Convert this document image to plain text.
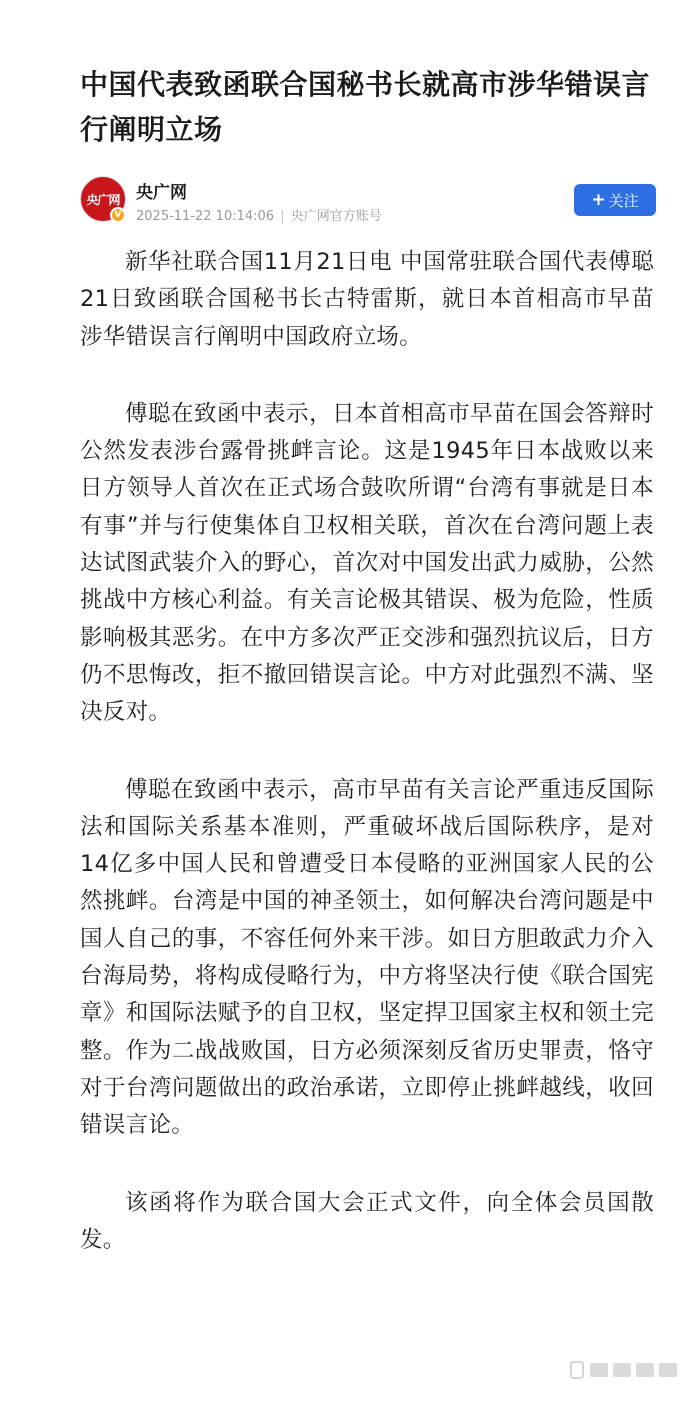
中国代表致函联合国秘书长就高市涉华错误言行阐明立场
央广网
V
央广网
2025-11-22 10:14:06 | 央广网官方账号
+ 关注

新华社联合国11月21日电 中国常驻联合国代表傅聪21日致函联合国秘书长古特雷斯，就日本首相高市早苗涉华错误言行阐明中国政府立场。

傅聪在致函中表示，日本首相高市早苗在国会答辩时公然发表涉台露骨挑衅言论。这是1945年日本战败以来日方领导人首次在正式场合鼓吹所谓“台湾有事就是日本有事”并与行使集体自卫权相关联，首次在台湾问题上表达试图武装介入的野心，首次对中国发出武力威胁，公然挑战中方核心利益。有关言论极其错误、极为危险，性质影响极其恶劣。在中方多次严正交涉和强烈抗议后，日方仍不思悔改，拒不撤回错误言论。中方对此强烈不满、坚决反对。

傅聪在致函中表示，高市早苗有关言论严重违反国际法和国际关系基本准则，严重破坏战后国际秩序，是对14亿多中国人民和曾遭受日本侵略的亚洲国家人民的公然挑衅。台湾是中国的神圣领土，如何解决台湾问题是中国人自己的事，不容任何外来干涉。如日方胆敢武力介入台海局势，将构成侵略行为，中方将坚决行使《联合国宪章》和国际法赋予的自卫权，坚定捍卫国家主权和领土完整。作为二战战败国，日方必须深刻反省历史罪责，恪守对于台湾问题做出的政治承诺，立即停止挑衅越线，收回错误言论。

该函将作为联合国大会正式文件，向全体会员国散发。
